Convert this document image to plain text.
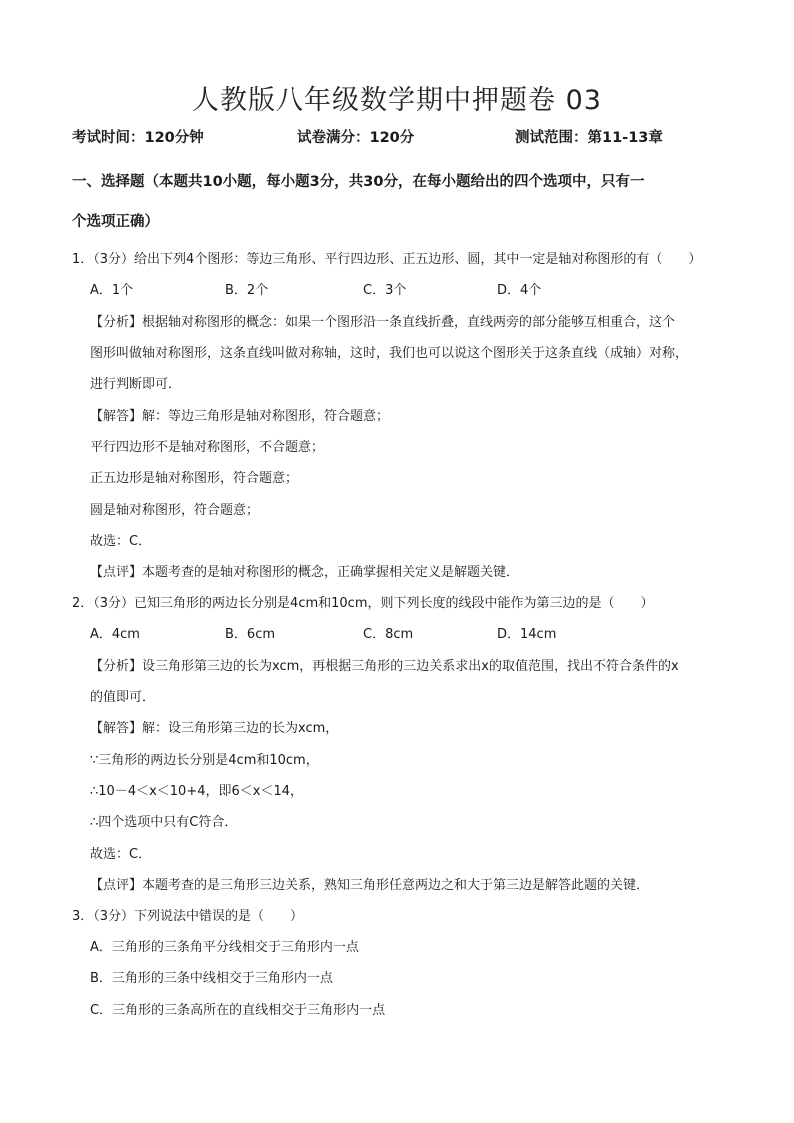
人教版八年级数学期中押题卷 03
考试时间：120分钟	试卷满分：120分	测试范围：第11-13章
一、选择题（本题共10小题，每小题3分，共30分，在每小题给出的四个选项中，只有一
个选项正确）
1．（3分）给出下列4个图形：等边三角形、平行四边形、正五边形、圆，其中一定是轴对称图形的有（　　）
A．1个	B．2个	C．3个	D．4个
【分析】根据轴对称图形的概念：如果一个图形沿一条直线折叠，直线两旁的部分能够互相重合，这个
图形叫做轴对称图形，这条直线叫做对称轴，这时，我们也可以说这个图形关于这条直线（成轴）对称，
进行判断即可．
【解答】解：等边三角形是轴对称图形，符合题意；
平行四边形不是轴对称图形，不合题意；
正五边形是轴对称图形，符合题意；
圆是轴对称图形，符合题意；
故选：C．
【点评】本题考查的是轴对称图形的概念，正确掌握相关定义是解题关键．
2．（3分）已知三角形的两边长分别是4cm和10cm，则下列长度的线段中能作为第三边的是（　　）
A．4cm	B．6cm	C．8cm	D．14cm
【分析】设三角形第三边的长为xcm，再根据三角形的三边关系求出x的取值范围，找出不符合条件的x
的值即可．
【解答】解：设三角形第三边的长为xcm，
∵三角形的两边长分别是4cm和10cm，
∴10－4＜x＜10+4，即6＜x＜14，
∴四个选项中只有C符合．
故选：C．
【点评】本题考查的是三角形三边关系，熟知三角形任意两边之和大于第三边是解答此题的关键．
3．（3分）下列说法中错误的是（　　）
A．三角形的三条角平分线相交于三角形内一点
B．三角形的三条中线相交于三角形内一点
C．三角形的三条高所在的直线相交于三角形内一点
